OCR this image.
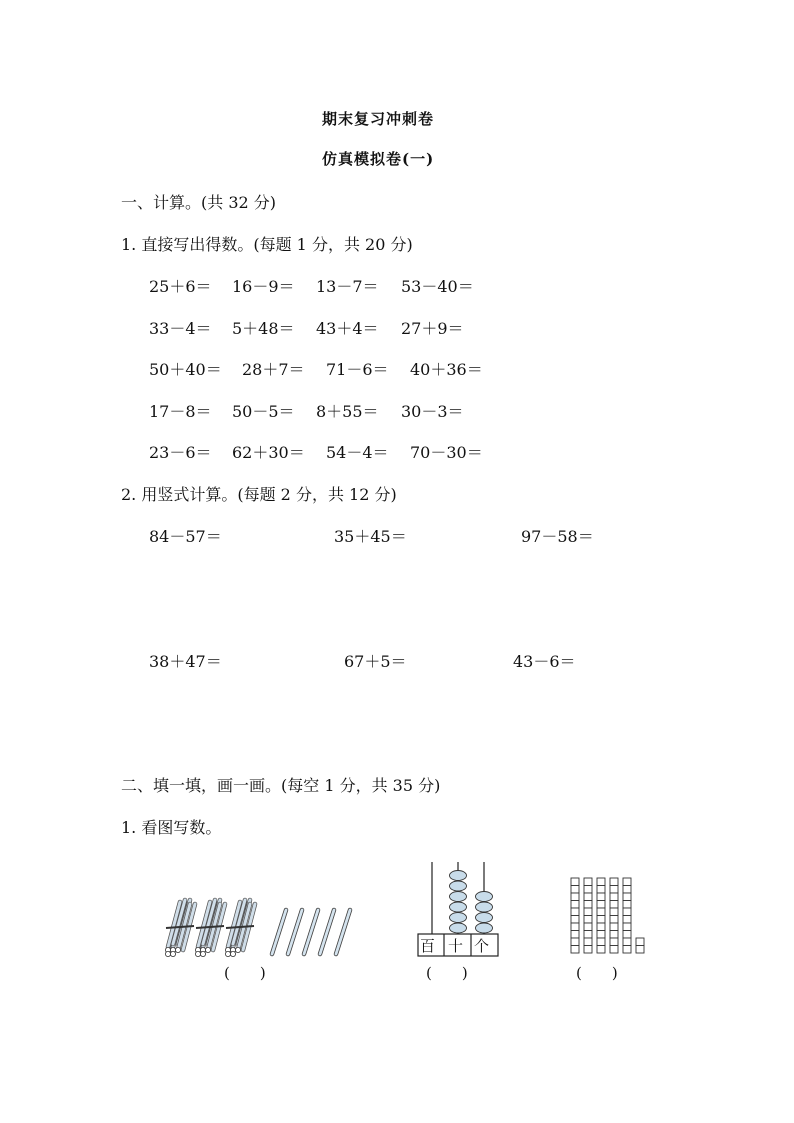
期末复习冲刺卷
仿真模拟卷(一)
一、计算。(共 32 分)
1. 直接写出得数。(每题 1 分，共 20 分)
25＋6＝ 16－9＝ 13－7＝ 53－40＝
33－4＝ 5＋48＝ 43＋4＝ 27＋9＝
50＋40＝ 28＋7＝ 71－6＝ 40＋36＝
17－8＝ 50－5＝ 8＋55＝ 30－3＝
23－6＝ 62＋30＝ 54－4＝ 70－30＝
2. 用竖式计算。(每题 2 分，共 12 分)
84－57＝	35＋45＝	97－58＝
38＋47＝	67＋5＝	43－6＝
二、填一填，画一画。(每空 1 分，共 35 分)
1. 看图写数。
(　　)
百 十 个
(　　)	(　　)
